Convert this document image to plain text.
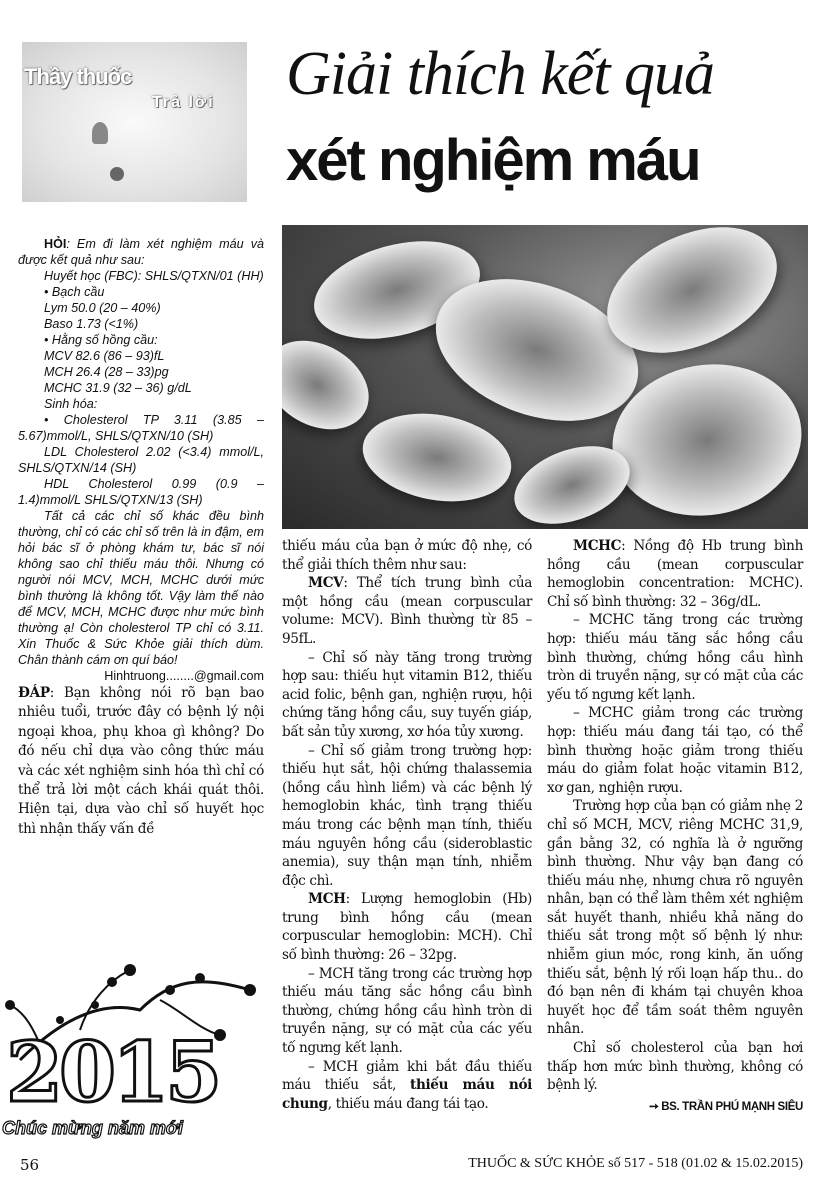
Thầy thuốc
Trả lời Giải thích kết quả
xét nghiệm máu

HỎI: Em đi làm xét nghiệm máu và được kết quả như sau:

Huyết học (FBC): SHLS/QTXN/01 (HH)

• Bạch cầu

Lym 50.0 (20 – 40%)

Baso 1.73 (<1%)

• Hằng số hồng cầu:

MCV 82.6 (86 – 93)fL

MCH 26.4 (28 – 33)pg

MCHC 31.9 (32 – 36) g/dL

Sinh hóa:

• Cholesterol TP 3.11 (3.85 – 5.67)mmol/L, SHLS/QTXN/10 (SH)

LDL Cholesterol 2.02 (<3.4) mmol/L, SHLS/QTXN/14 (SH)

HDL Cholesterol 0.99 (0.9 – 1.4)mmol/L SHLS/QTXN/13 (SH)

Tất cả các chỉ số khác đều bình thường, chỉ có các chỉ số trên là in đậm, em hỏi bác sĩ ở phòng khám tư, bác sĩ nói không sao chỉ thiếu máu thôi. Nhưng có người nói MCV, MCH, MCHC dưới mức bình thường là không tốt. Vậy làm thế nào để MCV, MCH, MCHC được như mức bình thường ạ! Còn cholesterol TP chỉ có 3.11. Xin Thuốc & Sức Khỏe giải thích dùm. Chân thành cám ơn quí báo!

Hinhtruong........@gmail.com

ĐÁP: Bạn không nói rõ bạn bao nhiêu tuổi, trước đây có bệnh lý nội ngoại khoa, phụ khoa gì không? Do đó nếu chỉ dựa vào công thức máu và các xét nghiệm sinh hóa thì chỉ có thể trả lời một cách khái quát thôi. Hiện tại, dựa vào chỉ số huyết học thì nhận thấy vấn đề

thiếu máu của bạn ở mức độ nhẹ, có thể giải thích thêm như sau:

MCV: Thể tích trung bình của một hồng cầu (mean corpuscular volume: MCV). Bình thường từ 85 – 95fL.

– Chỉ số này tăng trong trường hợp sau: thiếu hụt vitamin B12, thiếu acid folic, bệnh gan, nghiện rượu, hội chứng tăng hồng cầu, suy tuyến giáp, bất sản tủy xương, xơ hóa tủy xương.

– Chỉ số giảm trong trường hợp: thiếu hụt sắt, hội chứng thalassemia (hồng cầu hình liềm) và các bệnh lý hemoglobin khác, tình trạng thiếu máu trong các bệnh mạn tính, thiếu máu nguyên hồng cầu (sideroblastic anemia), suy thận mạn tính, nhiễm độc chì.

MCH: Lượng hemoglobin (Hb) trung bình hồng cầu (mean corpuscular hemoglobin: MCH). Chỉ số bình thường: 26 – 32pg.

– MCH tăng trong các trường hợp thiếu máu tăng sắc hồng cầu bình thường, chứng hồng cầu hình tròn di truyền nặng, sự có mặt của các yếu tố ngưng kết lạnh.

– MCH giảm khi bắt đầu thiếu máu thiếu sắt, thiếu máu nói chung, thiếu máu đang tái tạo.

MCHC: Nồng độ Hb trung bình hồng cầu (mean corpuscular hemoglobin concentration: MCHC). Chỉ số bình thường: 32 – 36g/dL.

– MCHC tăng trong các trường hợp: thiếu máu tăng sắc hồng cầu bình thường, chứng hồng cầu hình tròn di truyền nặng, sự có mặt của các yếu tố ngưng kết lạnh.

– MCHC giảm trong các trường hợp: thiếu máu đang tái tạo, có thể bình thường hoặc giảm trong thiếu máu do giảm folat hoặc vitamin B12, xơ gan, nghiện rượu.

Trường hợp của bạn có giảm nhẹ 2 chỉ số MCH, MCV, riêng MCHC 31,9, gần bằng 32, có nghĩa là ở ngưỡng bình thường. Như vậy bạn đang có thiếu máu nhẹ, nhưng chưa rõ nguyên nhân, bạn có thể làm thêm xét nghiệm sắt huyết thanh, nhiều khả năng do thiếu sắt trong một số bệnh lý như: nhiễm giun móc, rong kinh, ăn uống thiếu sắt, bệnh lý rối loạn hấp thu.. do đó bạn nên đi khám tại chuyên khoa huyết học để tầm soát thêm nguyên nhân.

Chỉ số cholesterol của bạn hơi thấp hơn mức bình thường, không có bệnh lý.

➙ BS. TRẦN PHÚ MẠNH SIÊU

2015
Chúc mừng năm mới
56	THUỐC & SỨC KHỎE số 517 - 518 (01.02 & 15.02.2015)
